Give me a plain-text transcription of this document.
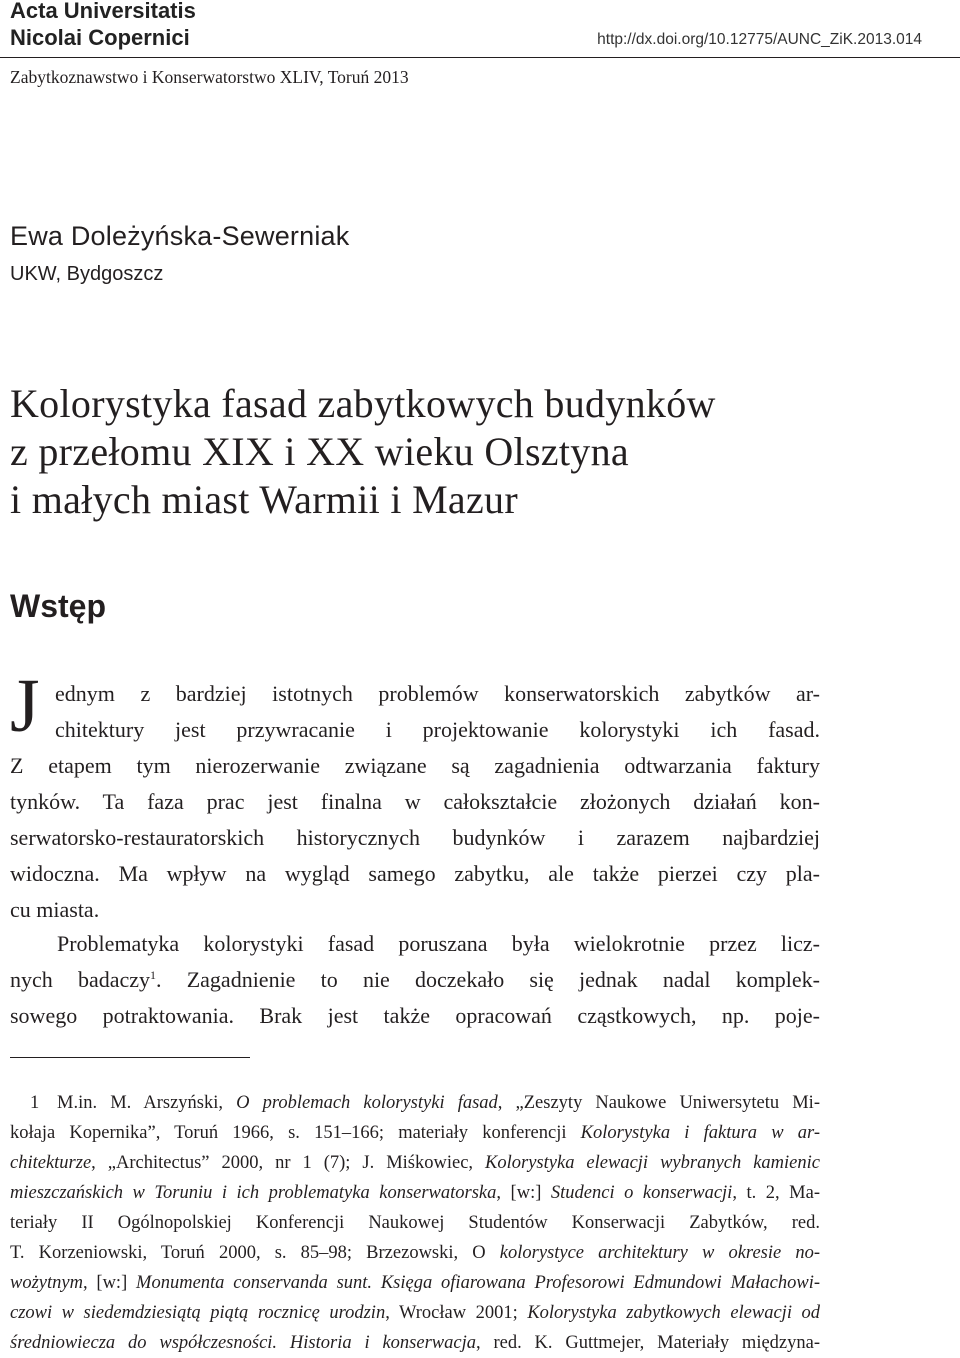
Acta Universitatis
Nicolai Copernici	http://dx.doi.org/10.12775/AUNC_ZiK.2013.014
Zabytkoznawstwo i Konserwatorstwo XLIV, Toruń 2013
Ewa Doleżyńska-Sewerniak
UKW, Bydgoszcz
Kolorystyka fasad zabytkowych budynków
z przełomu XIX i XX wieku Olsztyna
i małych miast Warmii i Mazur
Wstęp
J ednym z bardziej istotnych problemów konserwatorskich zabytków ar-
chitektury jest przywracanie i projektowanie kolorystyki ich fasad.
Z etapem tym nierozerwanie związane są zagadnienia odtwarzania faktury
tynków. Ta faza prac jest finalna w całokształcie złożonych działań kon-
serwatorsko-restauratorskich historycznych budynków i zarazem najbardziej
widoczna. Ma wpływ na wygląd samego zabytku, ale także pierzei czy pla-
cu miasta.
Problematyka kolorystyki fasad poruszana była wielokrotnie przez licz-
nych badaczy$^1$. Zagadnienie to nie doczekało się jednak nadal komplek-
sowego potraktowania. Brak jest także opracowań cząstkowych, np. poje-
1 M.in. M. Arszyński, O problemach kolorystyki fasad, „Zeszyty Naukowe Uniwersytetu Mi-
kołaja Kopernika”, Toruń 1966, s. 151–166; materiały konferencji Kolorystyka i faktura w ar-
chitekturze, „Architectus” 2000, nr 1 (7); J. Miśkowiec, Kolorystyka elewacji wybranych kamienic
mieszczańskich w Toruniu i ich problematyka konserwatorska, [w:] Studenci o konserwacji, t. 2, Ma-
teriały II Ogólnopolskiej Konferencji Naukowej Studentów Konserwacji Zabytków, red.
T. Korzeniowski, Toruń 2000, s. 85–98; Brzezowski, O kolorystyce architektury w okresie no-
wożytnym, [w:] Monumenta conservanda sunt. Księga ofiarowana Profesorowi Edmundowi Małachowi-
czowi w siedemdziesiątą piątą rocznicę urodzin, Wrocław 2001; Kolorystyka zabytkowych elewacji od
średniowiecza do współczesności. Historia i konserwacja, red. K. Guttmejer, Materiały międzyna-
